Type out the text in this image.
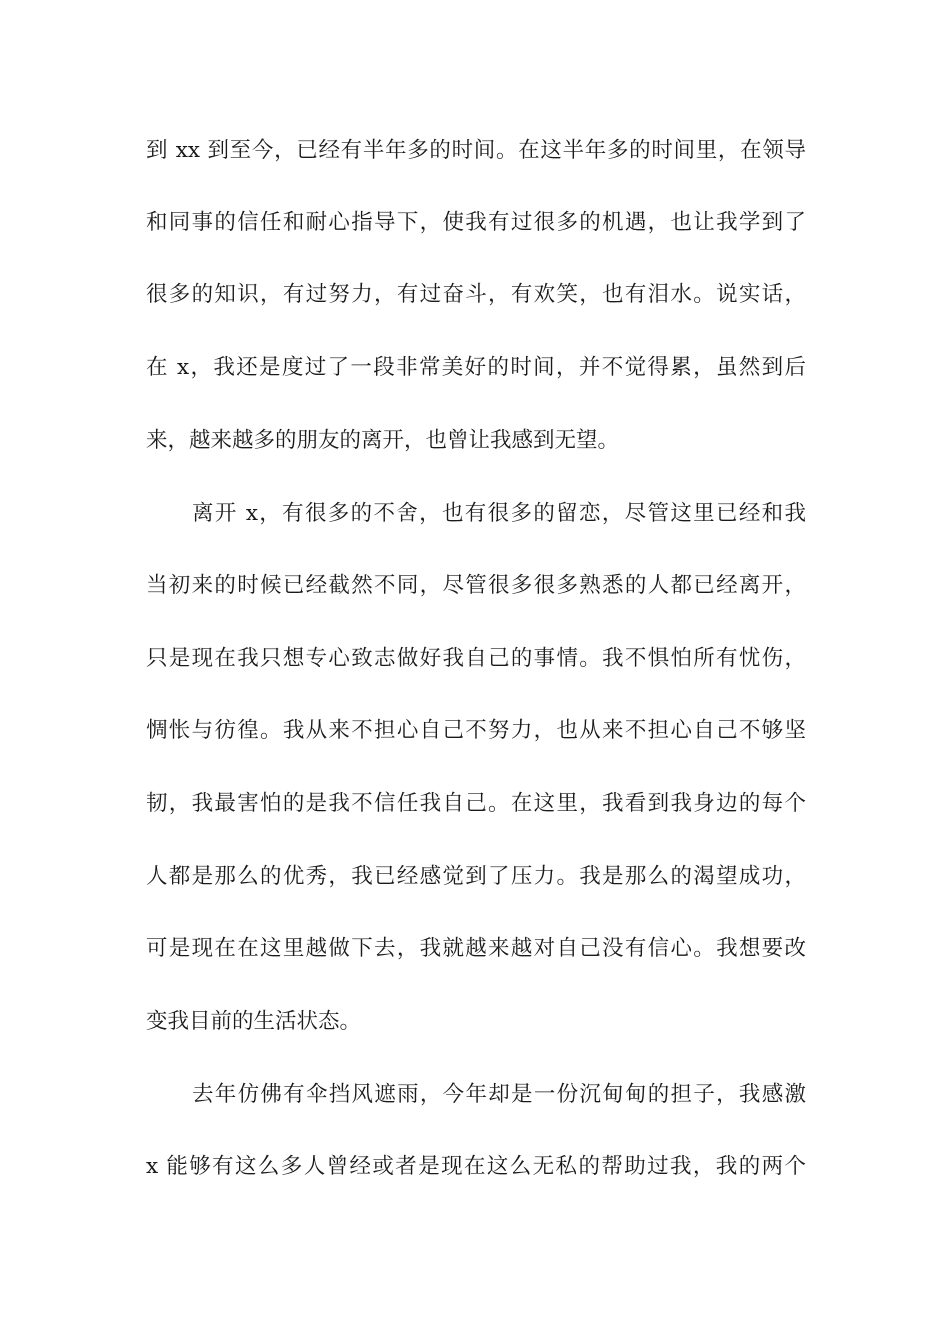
到 xx 到至今，已经有半年多的时间。在这半年多的时间里，在领导
和同事的信任和耐心指导下，使我有过很多的机遇，也让我学到了
很多的知识，有过努力，有过奋斗，有欢笑，也有泪水。说实话，
在 x，我还是度过了一段非常美好的时间，并不觉得累，虽然到后
来，越来越多的朋友的离开，也曾让我感到无望。
离开 x，有很多的不舍，也有很多的留恋，尽管这里已经和我
当初来的时候已经截然不同，尽管很多很多熟悉的人都已经离开，
只是现在我只想专心致志做好我自己的事情。我不惧怕所有忧伤，
惆怅与彷徨。我从来不担心自己不努力，也从来不担心自己不够坚
韧，我最害怕的是我不信任我自己。在这里，我看到我身边的每个
人都是那么的优秀，我已经感觉到了压力。我是那么的渴望成功，
可是现在在这里越做下去，我就越来越对自己没有信心。我想要改
变我目前的生活状态。
去年仿佛有伞挡风遮雨，今年却是一份沉甸甸的担子，我感激
x 能够有这么多人曾经或者是现在这么无私的帮助过我，我的两个
